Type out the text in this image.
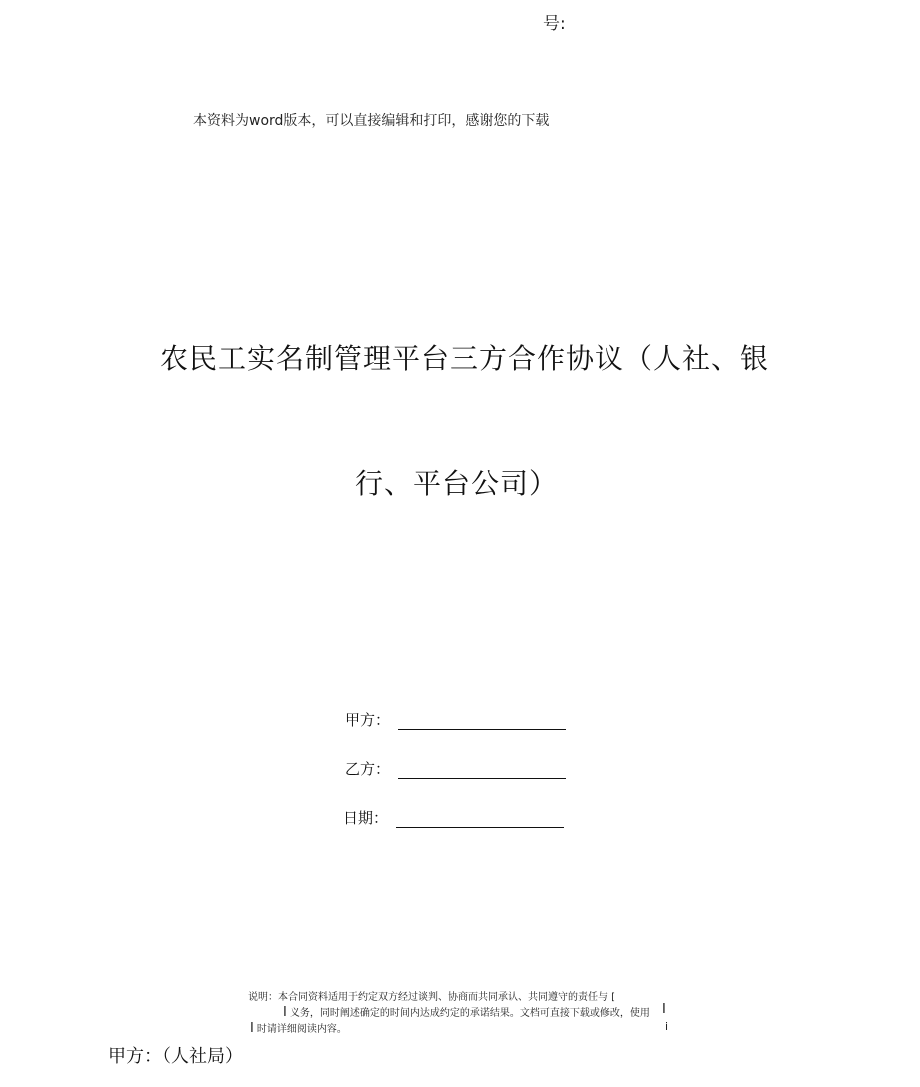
号:
本资料为word版本，可以直接编辑和打印，感谢您的下载
农民工实名制管理平台三方合作协议（人社、银
行、平台公司）
甲方：
乙方：
日期：
说明：本合同资料适用于约定双方经过谈判、协商而共同承认、共同遵守的责任与 [
I 义务，同时阐述确定的时间内达成约定的承诺结果。文档可直接下载或修改，使用
I 时请详细阅读内容。
I
i
甲方：（人社局）
